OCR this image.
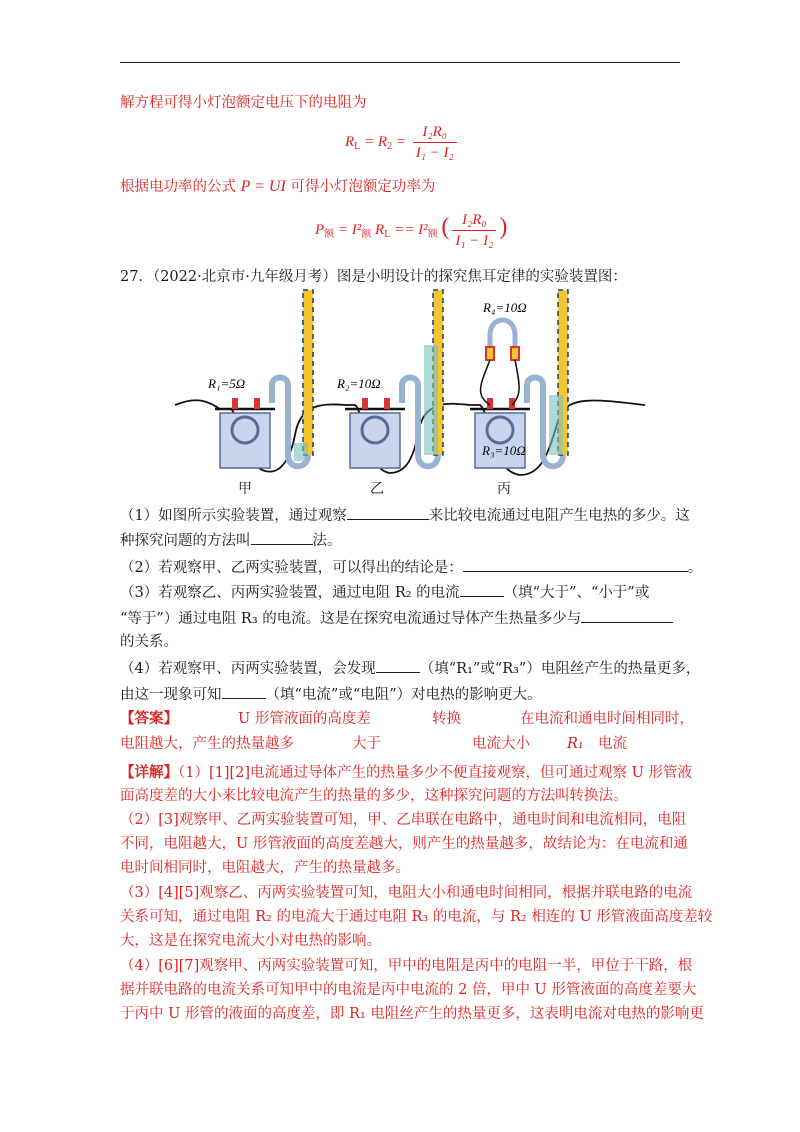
解方程可得小灯泡额定电压下的电阻为
$R_L = R_2 = \frac{\text{I₂R₀}}{\text{I₁ − I₂}}$
根据电功率的公式 P = UI 可得小灯泡额定功率为
$P_额 = I^2_额$ $R_L == I^2_额$ ( $\frac{\text{I₂R₀}}{\text{I₁ − I₂}}$ )
27．（2022·北京市·九年级月考）图是小明设计的探究焦耳定律的实验装置图：
R₁=5Ω	R₂=10Ω
R₄=10Ω
R₃=10Ω
甲	乙	丙
（1）如图所示实验装置，通过观察	来比较电流通过电阻产生电热的多少。这
种探究问题的方法叫	法。
（2）若观察甲、乙两实验装置，可以得出的结论是：	。
（3）若观察乙、丙两实验装置，通过电阻 R₂ 的电流	（填“大于”、“小于”或
“等于”）通过电阻 R₃ 的电流。这是在探究电流通过导体产生热量多少与
的关系。
（4）若观察甲、丙两实验装置，会发现	（填“R₁”或“R₃”）电阻丝产生的热量更多，
由这一现象可知	（填“电流”或“电阻”）对电热的影响更大。
【答案】	U 形管液面的高度差	转换	在电流和通电时间相同时，
电阻越大，产生的热量越多	大于	电流大小	R₁ 电流
【详解】（1）[1][2]电流通过导体产生的热量多少不便直接观察，但可通过观察 U 形管液
面高度差的大小来比较电流产生的热量的多少，这种探究问题的方法叫转换法。
（2）[3]观察甲、乙两实验装置可知，甲、乙串联在电路中，通电时间和电流相同，电阻
不同，电阻越大，U 形管液面的高度差越大，则产生的热量越多，故结论为：在电流和通
电时间相同时，电阻越大，产生的热量越多。
（3）[4][5]观察乙、丙两实验装置可知，电阻大小和通电时间相同，根据并联电路的电流
关系可知，通过电阻 R₂ 的电流大于通过电阻 R₃ 的电流，与 R₂ 相连的 U 形管液面高度差较
大，这是在探究电流大小对电热的影响。
（4）[6][7]观察甲、丙两实验装置可知，甲中的电阻是丙中的电阻一半，甲位于干路，根
据并联电路的电流关系可知甲中的电流是丙中电流的 2 倍，甲中 U 形管液面的高度差要大
于丙中 U 形管的液面的高度差，即 R₁ 电阻丝产生的热量更多，这表明电流对电热的影响更
